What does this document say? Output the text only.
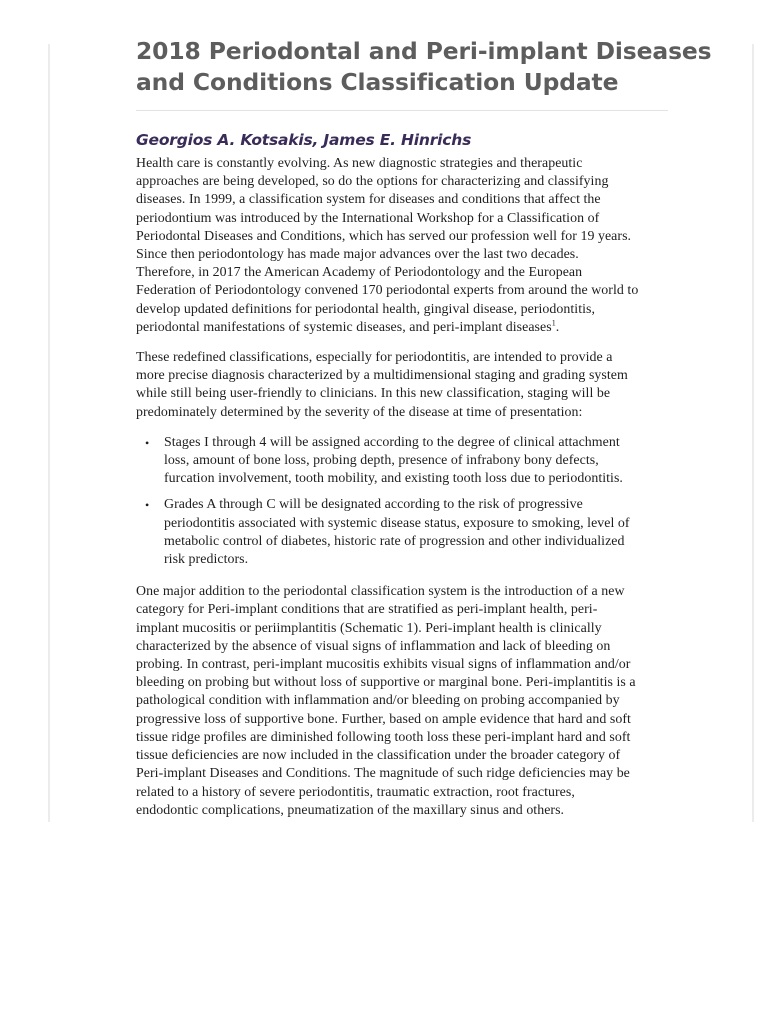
2018 Periodontal and Peri-implant Diseases
and Conditions Classification Update
Georgios A. Kotsakis, James E. Hinrichs

Health care is constantly evolving. As new diagnostic strategies and therapeutic
approaches are being developed, so do the options for characterizing and classifying
diseases. In 1999, a classification system for diseases and conditions that affect the
periodontium was introduced by the International Workshop for a Classification of
Periodontal Diseases and Conditions, which has served our profession well for 19 years.
Since then periodontology has made major advances over the last two decades.
Therefore, in 2017 the American Academy of Periodontology and the European
Federation of Periodontology convened 170 periodontal experts from around the world to
develop updated definitions for periodontal health, gingival disease, periodontitis,
periodontal manifestations of systemic diseases, and peri-implant diseases$^1$.

These redefined classifications, especially for periodontitis, are intended to provide a
more precise diagnosis characterized by a multidimensional staging and grading system
while still being user-friendly to clinicians. In this new classification, staging will be
predominately determined by the severity of the disease at time of presentation:

• Stages I through 4 will be assigned according to the degree of clinical attachment
loss, amount of bone loss, probing depth, presence of infrabony bony defects,
furcation involvement, tooth mobility, and existing tooth loss due to periodontitis.
• Grades A through C will be designated according to the risk of progressive
periodontitis associated with systemic disease status, exposure to smoking, level of
metabolic control of diabetes, historic rate of progression and other individualized
risk predictors.

One major addition to the periodontal classification system is the introduction of a new
category for Peri-implant conditions that are stratified as peri-implant health, peri-
implant mucositis or periimplantitis (Schematic 1). Peri-implant health is clinically
characterized by the absence of visual signs of inflammation and lack of bleeding on
probing. In contrast, peri-implant mucositis exhibits visual signs of inflammation and/or
bleeding on probing but without loss of supportive or marginal bone. Peri-implantitis is a
pathological condition with inflammation and/or bleeding on probing accompanied by
progressive loss of supportive bone. Further, based on ample evidence that hard and soft
tissue ridge profiles are diminished following tooth loss these peri-implant hard and soft
tissue deficiencies are now included in the classification under the broader category of
Peri-implant Diseases and Conditions. The magnitude of such ridge deficiencies may be
related to a history of severe periodontitis, traumatic extraction, root fractures,
endodontic complications, pneumatization of the maxillary sinus and others.
